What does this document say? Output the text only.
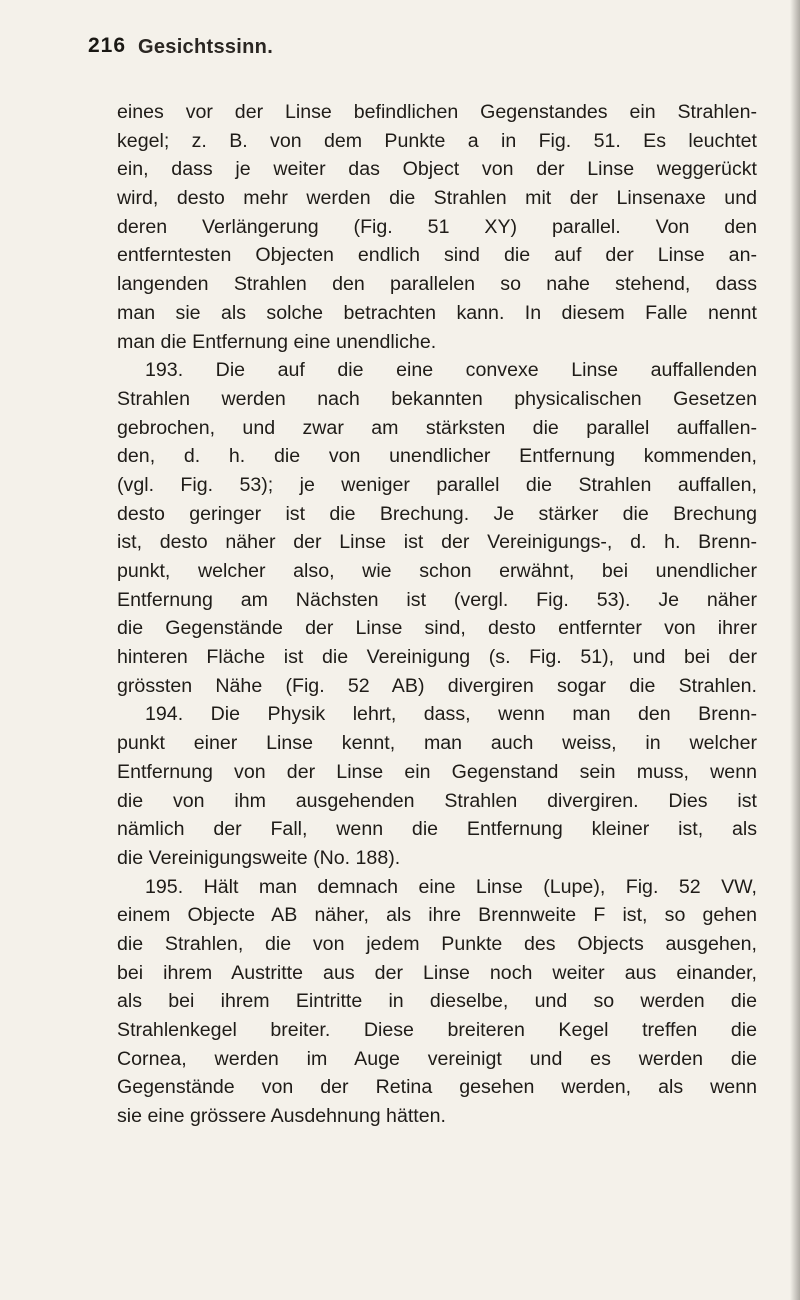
216 Gesichtssinn.
eines vor der Linse befindlichen Gegenstandes ein Strahlen-
kegel; z. B. von dem Punkte a in Fig. 51. Es leuchtet
ein, dass je weiter das Object von der Linse weggerückt
wird, desto mehr werden die Strahlen mit der Linsenaxe und
deren Verlängerung (Fig. 51 XY) parallel. Von den
entferntesten Objecten endlich sind die auf der Linse an-
langenden Strahlen den parallelen so nahe stehend, dass
man sie als solche betrachten kann. In diesem Falle nennt
man die Entfernung eine unendliche.
193. Die auf die eine convexe Linse auffallenden
Strahlen werden nach bekannten physicalischen Gesetzen
gebrochen, und zwar am stärksten die parallel auffallen-
den, d. h. die von unendlicher Entfernung kommenden,
(vgl. Fig. 53); je weniger parallel die Strahlen auffallen,
desto geringer ist die Brechung. Je stärker die Brechung
ist, desto näher der Linse ist der Vereinigungs-, d. h. Brenn-
punkt, welcher also, wie schon erwähnt, bei unendlicher
Entfernung am Nächsten ist (vergl. Fig. 53). Je näher
die Gegenstände der Linse sind, desto entfernter von ihrer
hinteren Fläche ist die Vereinigung (s. Fig. 51), und bei der
grössten Nähe (Fig. 52 AB) divergiren sogar die Strahlen.
194. Die Physik lehrt, dass, wenn man den Brenn-
punkt einer Linse kennt, man auch weiss, in welcher
Entfernung von der Linse ein Gegenstand sein muss, wenn
die von ihm ausgehenden Strahlen divergiren. Dies ist
nämlich der Fall, wenn die Entfernung kleiner ist, als
die Vereinigungsweite (No. 188).
195. Hält man demnach eine Linse (Lupe), Fig. 52 VW,
einem Objecte AB näher, als ihre Brennweite F ist, so gehen
die Strahlen, die von jedem Punkte des Objects ausgehen,
bei ihrem Austritte aus der Linse noch weiter aus einander,
als bei ihrem Eintritte in dieselbe, und so werden die
Strahlenkegel breiter. Diese breiteren Kegel treffen die
Cornea, werden im Auge vereinigt und es werden die
Gegenstände von der Retina gesehen werden, als wenn
sie eine grössere Ausdehnung hätten.
